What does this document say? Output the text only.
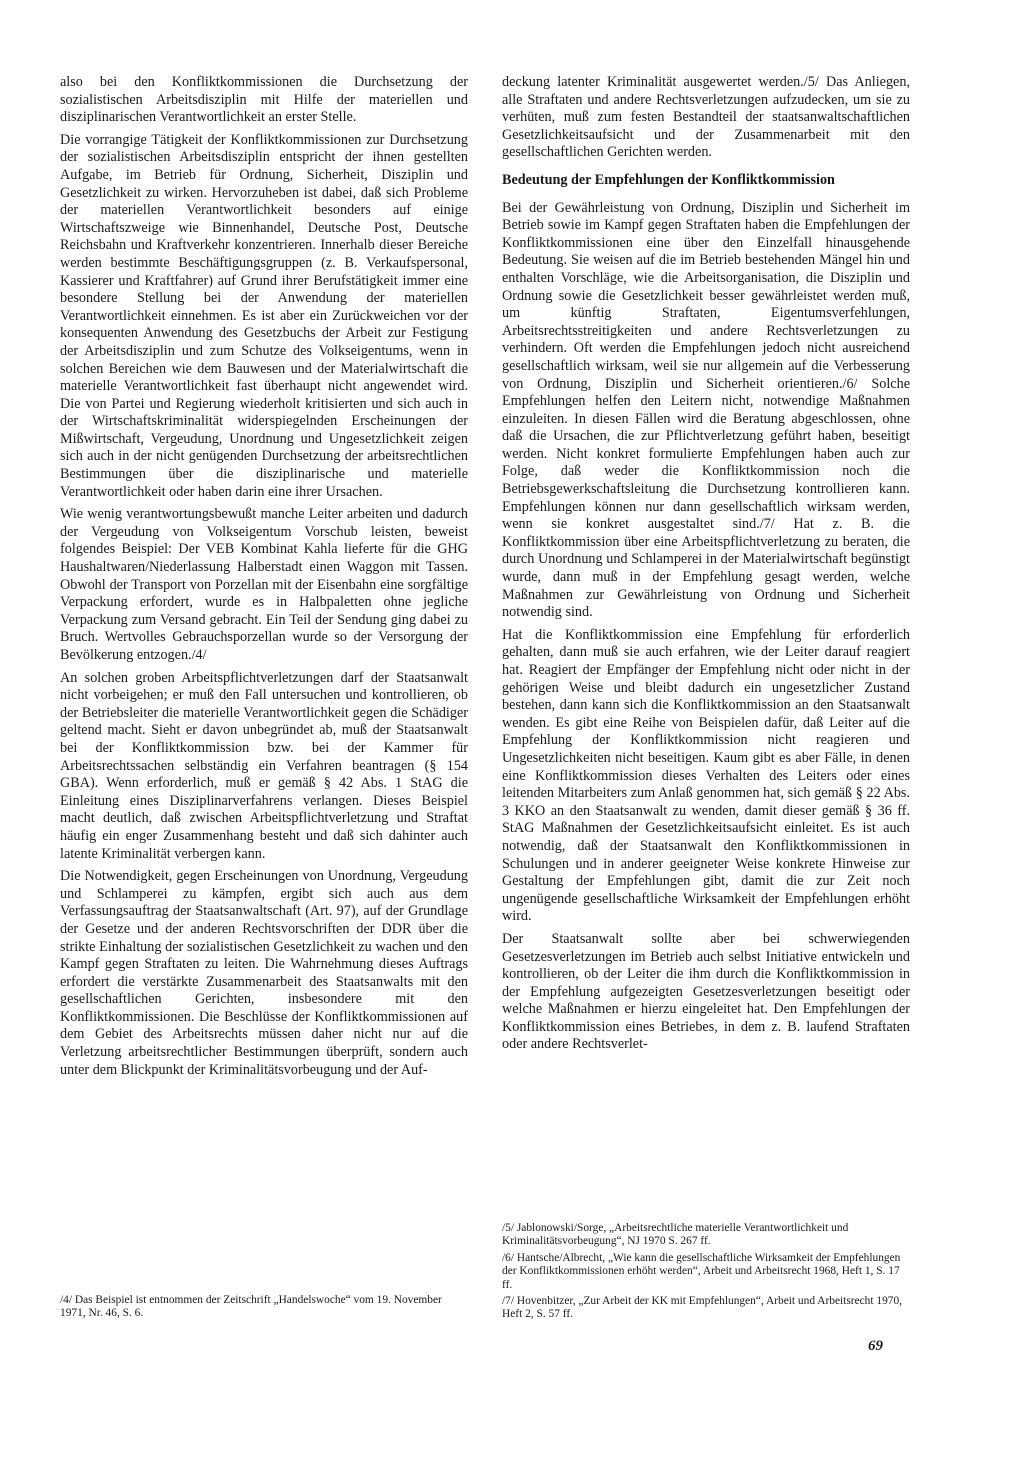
also bei den Konfliktkommissionen die Durchsetzung der sozialistischen Arbeitsdisziplin mit Hilfe der materiellen und disziplinarischen Verantwortlichkeit an erster Stelle.

Die vorrangige Tätigkeit der Konfliktkommissionen zur Durchsetzung der sozialistischen Arbeitsdisziplin entspricht der ihnen gestellten Aufgabe, im Betrieb für Ordnung, Sicherheit, Disziplin und Gesetzlichkeit zu wirken. Hervorzuheben ist dabei, daß sich Probleme der materiellen Verantwortlichkeit besonders auf einige Wirtschaftszweige wie Binnenhandel, Deutsche Post, Deutsche Reichsbahn und Kraftverkehr konzentrieren. Innerhalb dieser Bereiche werden bestimmte Beschäftigungsgruppen (z. B. Verkaufspersonal, Kassierer und Kraftfahrer) auf Grund ihrer Berufstätigkeit immer eine besondere Stellung bei der Anwendung der materiellen Verantwortlichkeit einnehmen. Es ist aber ein Zurückweichen vor der konsequenten Anwendung des Gesetzbuchs der Arbeit zur Festigung der Arbeitsdisziplin und zum Schutze des Volkseigentums, wenn in solchen Bereichen wie dem Bauwesen und der Materialwirtschaft die materielle Verantwortlichkeit fast überhaupt nicht angewendet wird. Die von Partei und Regierung wiederholt kritisierten und sich auch in der Wirtschaftskriminalität widerspiegelnden Erscheinungen der Mißwirtschaft, Vergeudung, Unordnung und Ungesetzlichkeit zeigen sich auch in der nicht genügenden Durchsetzung der arbeitsrechtlichen Bestimmungen über die disziplinarische und materielle Verantwortlichkeit oder haben darin eine ihrer Ursachen.

Wie wenig verantwortungsbewußt manche Leiter arbeiten und dadurch der Vergeudung von Volkseigentum Vorschub leisten, beweist folgendes Beispiel: Der VEB Kombinat Kahla lieferte für die GHG Haushaltwaren/Niederlassung Halberstadt einen Waggon mit Tassen. Obwohl der Transport von Porzellan mit der Eisenbahn eine sorgfältige Verpackung erfordert, wurde es in Halbpaletten ohne jegliche Verpackung zum Versand gebracht. Ein Teil der Sendung ging dabei zu Bruch. Wertvolles Gebrauchsporzellan wurde so der Versorgung der Bevölkerung entzogen./4/

An solchen groben Arbeitspflichtverletzungen darf der Staatsanwalt nicht vorbeigehen; er muß den Fall untersuchen und kontrollieren, ob der Betriebsleiter die materielle Verantwortlichkeit gegen die Schädiger geltend macht. Sieht er davon unbegründet ab, muß der Staatsanwalt bei der Konfliktkommission bzw. bei der Kammer für Arbeitsrechtssachen selbständig ein Verfahren beantragen (§ 154 GBA). Wenn erforderlich, muß er gemäß § 42 Abs. 1 StAG die Einleitung eines Disziplinarverfahrens verlangen. Dieses Beispiel macht deutlich, daß zwischen Arbeitspflichtverletzung und Straftat häufig ein enger Zusammenhang besteht und daß sich dahinter auch latente Kriminalität verbergen kann.

Die Notwendigkeit, gegen Erscheinungen von Unordnung, Vergeudung und Schlamperei zu kämpfen, ergibt sich auch aus dem Verfassungsauftrag der Staatsanwaltschaft (Art. 97), auf der Grundlage der Gesetze und der anderen Rechtsvorschriften der DDR über die strikte Einhaltung der sozialistischen Gesetzlichkeit zu wachen und den Kampf gegen Straftaten zu leiten. Die Wahrnehmung dieses Auftrags erfordert die verstärkte Zusammenarbeit des Staatsanwalts mit den gesellschaftlichen Gerichten, insbesondere mit den Konfliktkommissionen. Die Beschlüsse der Konfliktkommissionen auf dem Gebiet des Arbeitsrechts müssen daher nicht nur auf die Verletzung arbeitsrechtlicher Bestimmungen überprüft, sondern auch unter dem Blickpunkt der Kriminalitätsvorbeugung und der Auf-

/4/ Das Beispiel ist entnommen der Zeitschrift „Handelswoche“ vom 19. November 1971, Nr. 46, S. 6.

deckung latenter Kriminalität ausgewertet werden./5/ Das Anliegen, alle Straftaten und andere Rechtsverletzungen aufzudecken, um sie zu verhüten, muß zum festen Bestandteil der staatsanwaltschaftlichen Gesetzlichkeitsaufsicht und der Zusammenarbeit mit den gesellschaftlichen Gerichten werden.

Bedeutung der Empfehlungen der Konfliktkommission

Bei der Gewährleistung von Ordnung, Disziplin und Sicherheit im Betrieb sowie im Kampf gegen Straftaten haben die Empfehlungen der Konfliktkommissionen eine über den Einzelfall hinausgehende Bedeutung. Sie weisen auf die im Betrieb bestehenden Mängel hin und enthalten Vorschläge, wie die Arbeitsorganisation, die Disziplin und Ordnung sowie die Gesetzlichkeit besser gewährleistet werden muß, um künftig Straftaten, Eigentumsverfehlungen, Arbeitsrechtsstreitigkeiten und andere Rechtsverletzungen zu verhindern. Oft werden die Empfehlungen jedoch nicht ausreichend gesellschaftlich wirksam, weil sie nur allgemein auf die Verbesserung von Ordnung, Disziplin und Sicherheit orientieren./6/ Solche Empfehlungen helfen den Leitern nicht, notwendige Maßnahmen einzuleiten. In diesen Fällen wird die Beratung abgeschlossen, ohne daß die Ursachen, die zur Pflichtverletzung geführt haben, beseitigt werden. Nicht konkret formulierte Empfehlungen haben auch zur Folge, daß weder die Konfliktkommission noch die Betriebsgewerkschaftsleitung die Durchsetzung kontrollieren kann. Empfehlungen können nur dann gesellschaftlich wirksam werden, wenn sie konkret ausgestaltet sind./7/ Hat z. B. die Konfliktkommission über eine Arbeitspflichtverletzung zu beraten, die durch Unordnung und Schlamperei in der Materialwirtschaft begünstigt wurde, dann muß in der Empfehlung gesagt werden, welche Maßnahmen zur Gewährleistung von Ordnung und Sicherheit notwendig sind.

Hat die Konfliktkommission eine Empfehlung für erforderlich gehalten, dann muß sie auch erfahren, wie der Leiter darauf reagiert hat. Reagiert der Empfänger der Empfehlung nicht oder nicht in der gehörigen Weise und bleibt dadurch ein ungesetzlicher Zustand bestehen, dann kann sich die Konfliktkommission an den Staatsanwalt wenden. Es gibt eine Reihe von Beispielen dafür, daß Leiter auf die Empfehlung der Konfliktkommission nicht reagieren und Ungesetzlichkeiten nicht beseitigen. Kaum gibt es aber Fälle, in denen eine Konfliktkommission dieses Verhalten des Leiters oder eines leitenden Mitarbeiters zum Anlaß genommen hat, sich gemäß § 22 Abs. 3 KKO an den Staatsanwalt zu wenden, damit dieser gemäß § 36 ff. StAG Maßnahmen der Gesetzlichkeitsaufsicht einleitet. Es ist auch notwendig, daß der Staatsanwalt den Konfliktkommissionen in Schulungen und in anderer geeigneter Weise konkrete Hinweise zur Gestaltung der Empfehlungen gibt, damit die zur Zeit noch ungenügende gesellschaftliche Wirksamkeit der Empfehlungen erhöht wird.

Der Staatsanwalt sollte aber bei schwerwiegenden Gesetzesverletzungen im Betrieb auch selbst Initiative entwickeln und kontrollieren, ob der Leiter die ihm durch die Konfliktkommission in der Empfehlung aufgezeigten Gesetzesverletzungen beseitigt oder welche Maßnahmen er hierzu eingeleitet hat. Den Empfehlungen der Konfliktkommission eines Betriebes, in dem z. B. laufend Straftaten oder andere Rechtsverlet-

/5/ Jablonowski/Sorge, „Arbeitsrechtliche materielle Verantwortlichkeit und Kriminalitätsvorbeugung“, NJ 1970 S. 267 ff.

/6/ Hantsche/Albrecht, „Wie kann die gesellschaftliche Wirksamkeit der Empfehlungen der Konfliktkommissionen erhöht werden“, Arbeit und Arbeitsrecht 1968, Heft 1, S. 17 ff.

/7/ Hovenbitzer, „Zur Arbeit der KK mit Empfehlungen“, Arbeit und Arbeitsrecht 1970, Heft 2, S. 57 ff.

69
